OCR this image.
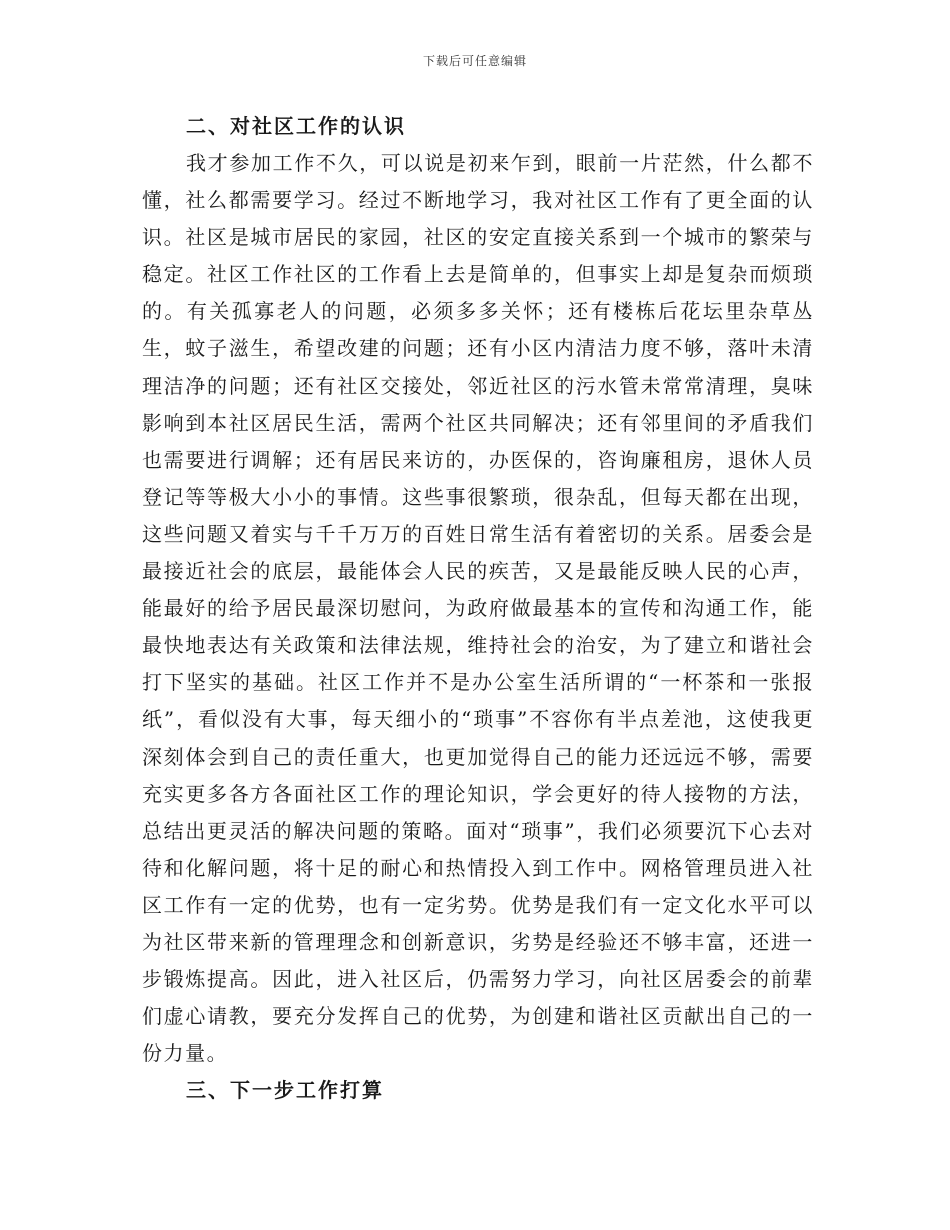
下载后可任意编辑
二、对社区工作的认识

我才参加工作不久，可以说是初来乍到，眼前一片茫然，什么都不懂，社么都需要学习。经过不断地学习，我对社区工作有了更全面的认识。社区是城市居民的家园，社区的安定直接关系到一个城市的繁荣与稳定。社区工作社区的工作看上去是简单的，但事实上却是复杂而烦琐的。有关孤寡老人的问题，必须多多关怀；还有楼栋后花坛里杂草丛生，蚊子滋生，希望改建的问题；还有小区内清洁力度不够，落叶未清理洁净的问题；还有社区交接处，邻近社区的污水管未常常清理，臭味影响到本社区居民生活，需两个社区共同解决；还有邻里间的矛盾我们也需要进行调解；还有居民来访的，办医保的，咨询廉租房，退休人员登记等等极大小小的事情。这些事很繁琐，很杂乱，但每天都在出现，这些问题又着实与千千万万的百姓日常生活有着密切的关系。居委会是最接近社会的底层，最能体会人民的疾苦，又是最能反映人民的心声，能最好的给予居民最深切慰问，为政府做最基本的宣传和沟通工作，能最快地表达有关政策和法律法规，维持社会的治安，为了建立和谐社会打下坚实的基础。社区工作并不是办公室生活所谓的“一杯茶和一张报纸”，看似没有大事，每天细小的“琐事”不容你有半点差池，这使我更深刻体会到自己的责任重大，也更加觉得自己的能力还远远不够，需要充实更多各方各面社区工作的理论知识，学会更好的待人接物的方法，总结出更灵活的解决问题的策略。面对“琐事”，我们必须要沉下心去对待和化解问题，将十足的耐心和热情投入到工作中。网格管理员进入社区工作有一定的优势，也有一定劣势。优势是我们有一定文化水平可以为社区带来新的管理理念和创新意识，劣势是经验还不够丰富，还进一步锻炼提高。因此，进入社区后，仍需努力学习，向社区居委会的前辈们虚心请教，要充分发挥自己的优势，为创建和谐社区贡献出自己的一份力量。

三、下一步工作打算
